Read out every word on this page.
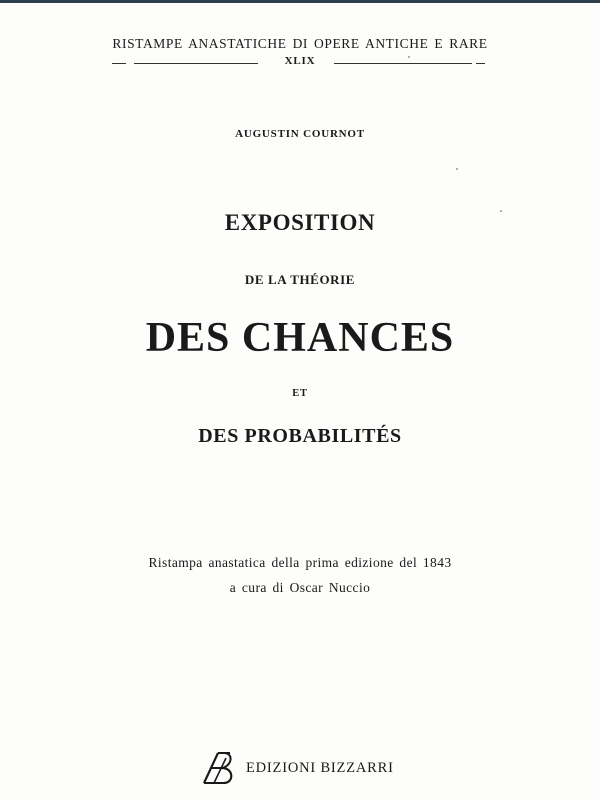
RISTAMPE ANASTATICHE DI OPERE ANTICHE E RARE
XLIX
AUGUSTIN COURNOT
EXPOSITION
DE LA THÉORIE
DES CHANCES
ET
DES PROBABILITÉS
Ristampa anastatica della prima edizione del 1843
a cura di Oscar Nuccio
EDIZIONI BIZZARRI
